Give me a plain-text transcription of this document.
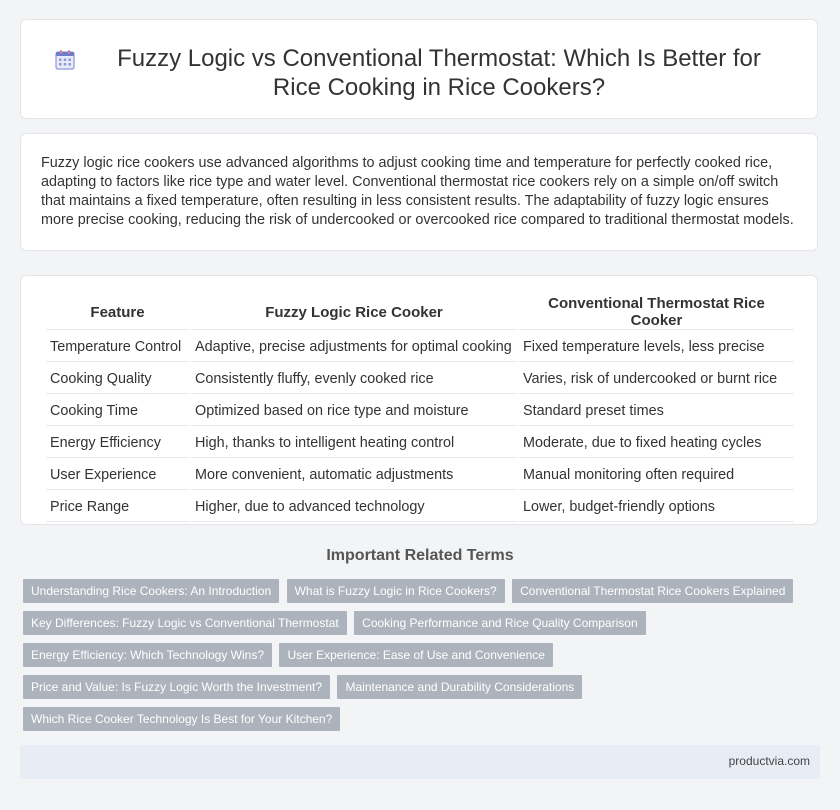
Fuzzy Logic vs Conventional Thermostat: Which Is Better for Rice Cooking in Rice Cookers?

Fuzzy logic rice cookers use advanced algorithms to adjust cooking time and temperature for perfectly cooked rice, adapting to factors like rice type and water level. Conventional thermostat rice cookers rely on a simple on/off switch that maintains a fixed temperature, often resulting in less consistent results. The adaptability of fuzzy logic ensures more precise cooking, reducing the risk of undercooked or overcooked rice compared to traditional thermostat models.

Feature	Fuzzy Logic Rice Cooker	Conventional Thermostat Rice Cooker
Temperature Control	Adaptive, precise adjustments for optimal cooking	Fixed temperature levels, less precise
Cooking Quality	Consistently fluffy, evenly cooked rice	Varies, risk of undercooked or burnt rice
Cooking Time	Optimized based on rice type and moisture	Standard preset times
Energy Efficiency	High, thanks to intelligent heating control	Moderate, due to fixed heating cycles
User Experience	More convenient, automatic adjustments	Manual monitoring often required
Price Range	Higher, due to advanced technology	Lower, budget-friendly options
Important Related Terms
Understanding Rice Cookers: An Introduction What is Fuzzy Logic in Rice Cookers? Conventional Thermostat Rice Cookers Explained Key Differences: Fuzzy Logic vs Conventional Thermostat Cooking Performance and Rice Quality Comparison Energy Efficiency: Which Technology Wins? User Experience: Ease of Use and Convenience Price and Value: Is Fuzzy Logic Worth the Investment? Maintenance and Durability Considerations Which Rice Cooker Technology Is Best for Your Kitchen?
productvia.com
